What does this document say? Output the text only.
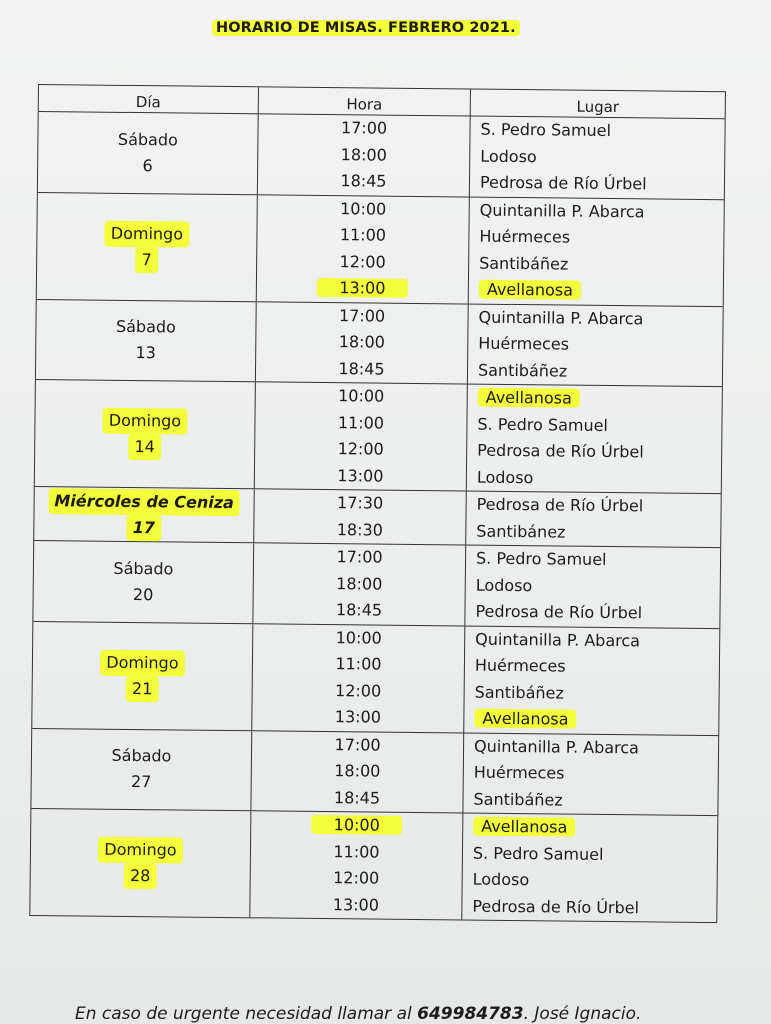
HORARIO DE MISAS. FEBRERO 2021.
Día	Hora	Lugar
Sábado
6
17:00
18:00
18:45
S. Pedro Samuel
Lodoso
Pedrosa de Río Úrbel
Domingo
7
10:00
11:00
12:00
13:00
Quintanilla P. Abarca
Huérmeces
Santibáñez
Avellanosa
Sábado
13
17:00
18:00
18:45
Quintanilla P. Abarca
Huérmeces
Santibáñez
Domingo
14
10:00
11:00
12:00
13:00
Avellanosa
S. Pedro Samuel
Pedrosa de Río Úrbel
Lodoso
Miércoles de Ceniza
17
17:30
18:30
Pedrosa de Río Úrbel
Santibánez
Sábado
20
17:00
18:00
18:45
S. Pedro Samuel
Lodoso
Pedrosa de Río Úrbel
Domingo
21
10:00
11:00
12:00
13:00
Quintanilla P. Abarca
Huérmeces
Santibáñez
Avellanosa
Sábado
27
17:00
18:00
18:45
Quintanilla P. Abarca
Huérmeces
Santibáñez
Domingo
28
10:00
11:00
12:00
13:00
Avellanosa
S. Pedro Samuel
Lodoso
Pedrosa de Río Úrbel
En caso de urgente necesidad llamar al 649984783. José Ignacio.
